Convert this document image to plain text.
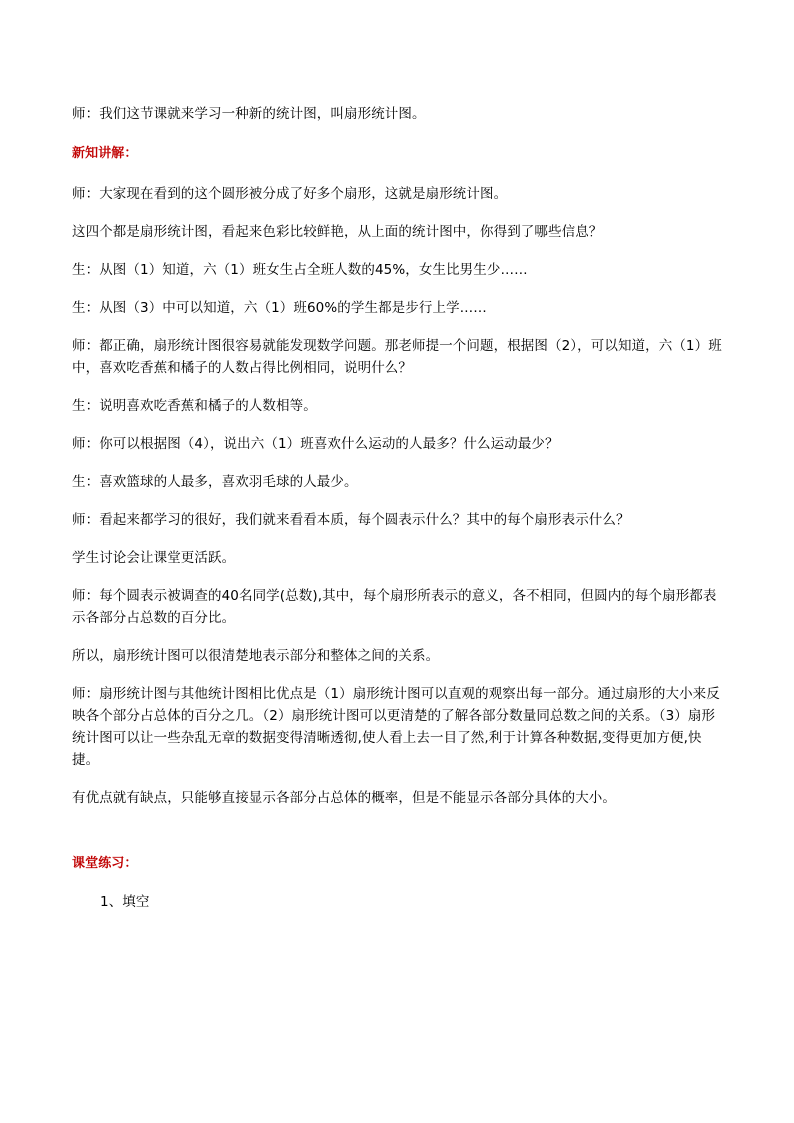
师：我们这节课就来学习一种新的统计图，叫扇形统计图。

新知讲解：

师：大家现在看到的这个圆形被分成了好多个扇形，这就是扇形统计图。

这四个都是扇形统计图，看起来色彩比较鲜艳，从上面的统计图中，你得到了哪些信息？

生：从图（1）知道，六（1）班女生占全班人数的45%，女生比男生少……

生：从图（3）中可以知道，六（1）班60%的学生都是步行上学……

师：都正确，扇形统计图很容易就能发现数学问题。那老师提一个问题，根据图（2），可以知道，六（1）班中，喜欢吃香蕉和橘子的人数占得比例相同，说明什么？

生：说明喜欢吃香蕉和橘子的人数相等。

师：你可以根据图（4），说出六（1）班喜欢什么运动的人最多？什么运动最少？

生：喜欢篮球的人最多，喜欢羽毛球的人最少。

师：看起来都学习的很好，我们就来看看本质，每个圆表示什么？其中的每个扇形表示什么？

学生讨论会让课堂更活跃。

师：每个圆表示被调查的40名同学(总数),其中，每个扇形所表示的意义，各不相同，但圆内的每个扇形都表示各部分占总数的百分比。

所以，扇形统计图可以很清楚地表示部分和整体之间的关系。

师：扇形统计图与其他统计图相比优点是（1）扇形统计图可以直观的观察出每一部分。通过扇形的大小来反映各个部分占总体的百分之几。（2）扇形统计图可以更清楚的了解各部分数量同总数之间的关系。（3）扇形统计图可以让一些杂乱无章的数据变得清晰透彻,使人看上去一目了然,利于计算各种数据,变得更加方便,快捷。

有优点就有缺点，只能够直接显示各部分占总体的概率，但是不能显示各部分具体的大小。

课堂练习：

1、填空
